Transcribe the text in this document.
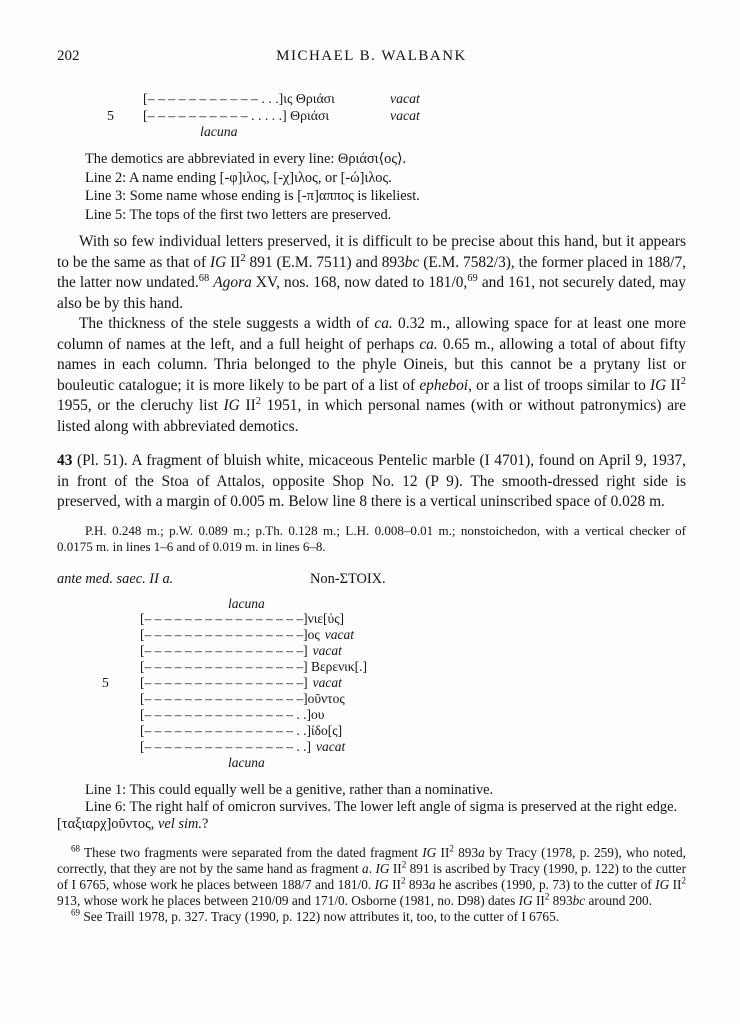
202	MICHAEL B. WALBANK
[– – – – – – – – – – – . . .]ις Θριάσι	vacat
5 [– – – – – – – – – – . . . . .] Θριάσι	vacat
lacuna

The demotics are abbreviated in every line: Θριάσι⟨ος⟩.

Line 2: A name ending [-φ]ιλος, [-χ]ιλος, or [-ώ]ιλος.

Line 3: Some name whose ending is [-π]αππος is likeliest.

Line 5: The tops of the first two letters are preserved.

With so few individual letters preserved, it is difficult to be precise about this hand, but it appears to be the same as that of IG $II^2$ 891 (E.M. 7511) and 893bc (E.M. 7582/3), the former placed in 188/7, the latter now undated.$^{68}$ Agora XV, nos. 168, now dated to 181/0,69 and 161, not securely dated, may also be by this hand.

The thickness of the stele suggests a width of ca. 0.32 m., allowing space for at least one more column of names at the left, and a full height of perhaps ca. 0.65 m., allowing a total of about fifty names in each column. Thria belonged to the phyle Oineis, but this cannot be a prytany list or bouleutic catalogue; it is more likely to be part of a list of epheboi, or a list of troops similar to IG $II^2$ 1955, or the cleruchy list IG $II^2$ 1951, in which personal names (with or without patronymics) are listed along with abbreviated demotics.

43 (Pl. 51). A fragment of bluish white, micaceous Pentelic marble (I 4701), found on April 9, 1937, in front of the Stoa of Attalos, opposite Shop No. 12 (P 9). The smooth-dressed right side is preserved, with a margin of 0.005 m. Below line 8 there is a vertical uninscribed space of 0.028 m.

P.H. 0.248 m.; p.W. 0.089 m.; p.Th. 0.128 m.; L.H. 0.008–0.01 m.; nonstoichedon, with a vertical checker of 0.0175 m. in lines 1–6 and of 0.019 m. in lines 6–8.

ante med. saec. II a.	Non-ΣΤΟΙΧ.
lacuna
[– – – – – – – – – – – – – – – –]νιε[ύς]
[– – – – – – – – – – – – – – – –]ος vacat
[– – – – – – – – – – – – – – – –] vacat
[– – – – – – – – – – – – – – – –] Βερενικ[.]
5 [– – – – – – – – – – – – – – – –] vacat
[– – – – – – – – – – – – – – – –]οῦντος
[– – – – – – – – – – – – – – – . .]ου
[– – – – – – – – – – – – – – – . .]ίδο[ς]
[– – – – – – – – – – – – – – – . .] vacat
lacuna

Line 1: This could equally well be a genitive, rather than a nominative.

Line 6: The right half of omicron survives. The lower left angle of sigma is preserved at the right edge. [ταξιαρχ]οῦντος, vel sim.?

$^{68}$ These two fragments were separated from the dated fragment IG $II^2$ 893a by Tracy (1978, p. 259), who noted, correctly, that they are not by the same hand as fragment a. IG $II^2$ 891 is ascribed by Tracy (1990, p. 122) to the cutter of I 6765, whose work he places between 188/7 and 181/0. IG $II^2$ 893a he ascribes (1990, p. 73) to the cutter of IG $II^2$ 913, whose work he places between 210/09 and 171/0. Osborne (1981, no. D98) dates IG $II^2$ 893bc around 200.

$^{69}$ See Traill 1978, p. 327. Tracy (1990, p. 122) now attributes it, too, to the cutter of I 6765.
